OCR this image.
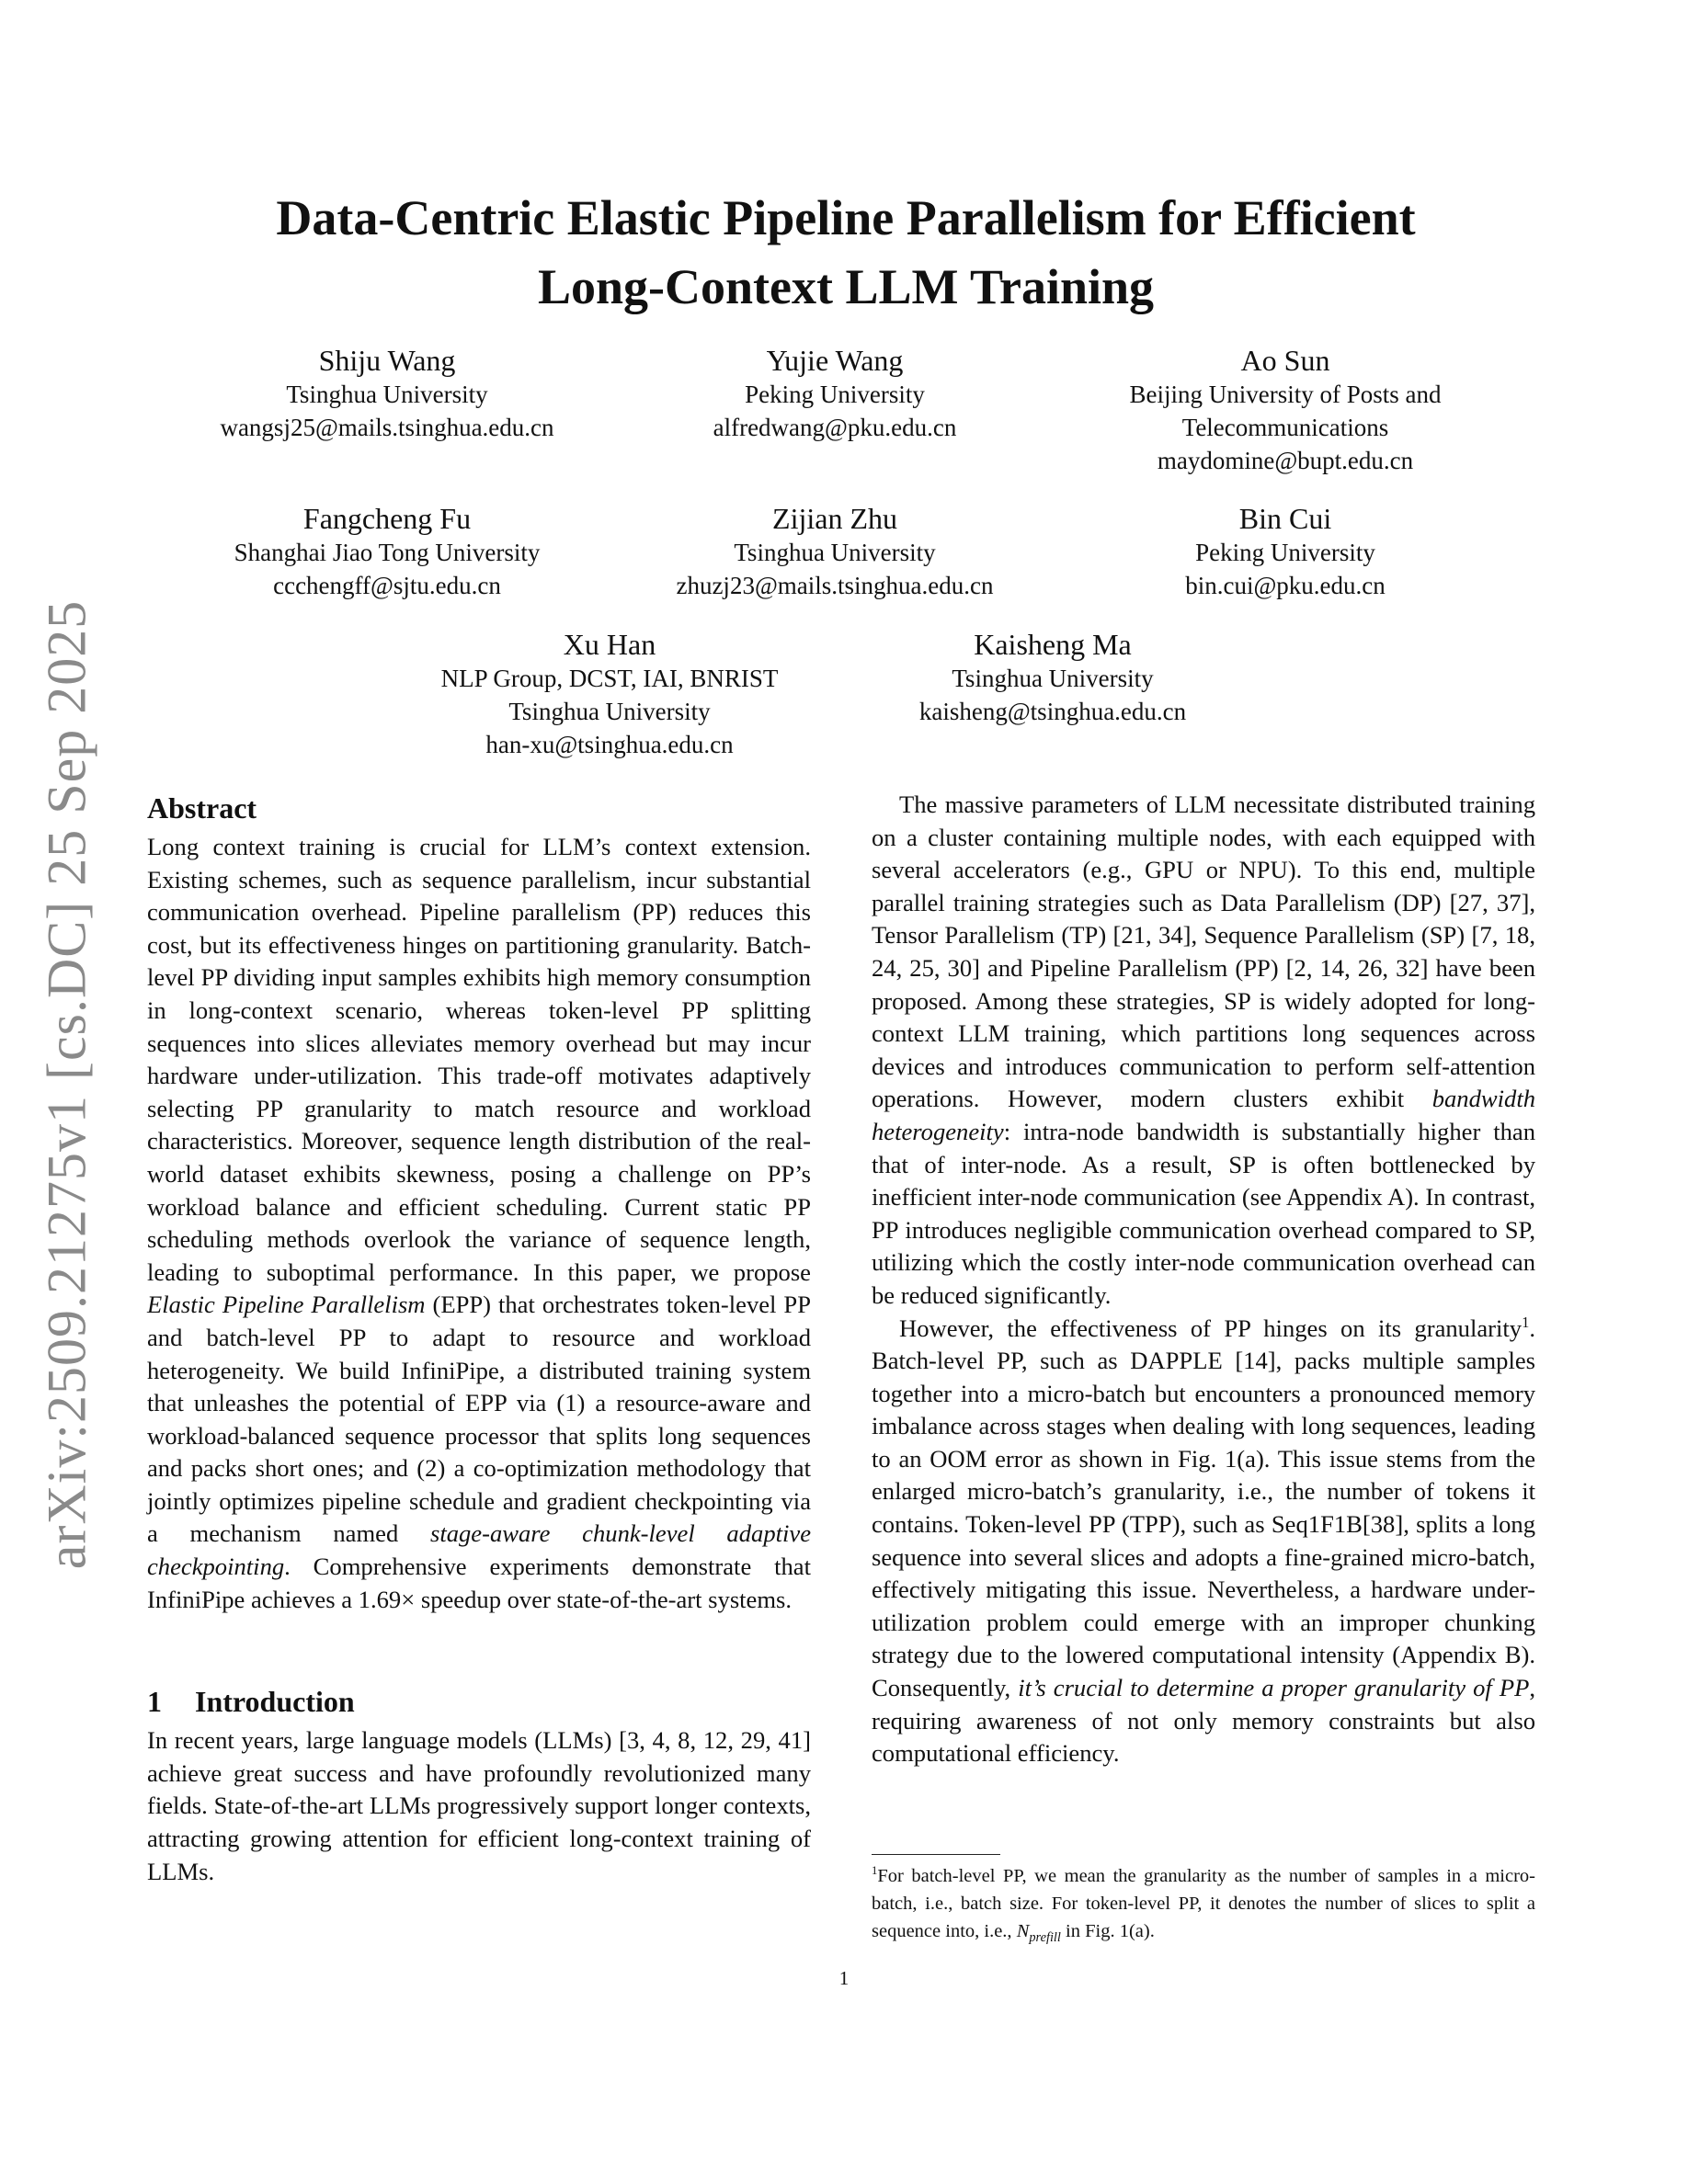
arXiv:2509.21275v1 [cs.DC] 25 Sep 2025
Data-Centric Elastic Pipeline Parallelism for Efficient
Long-Context LLM Training
Shiju Wang
Tsinghua University
wangsj25@mails.tsinghua.edu.cn
Yujie Wang
Peking University
alfredwang@pku.edu.cn
Ao Sun
Beijing University of Posts and
Telecommunications
maydomine@bupt.edu.cn
Fangcheng Fu
Shanghai Jiao Tong University
ccchengff@sjtu.edu.cn
Zijian Zhu
Tsinghua University
zhuzj23@mails.tsinghua.edu.cn
Bin Cui
Peking University
bin.cui@pku.edu.cn
Xu Han
NLP Group, DCST, IAI, BNRIST
Tsinghua University
han-xu@tsinghua.edu.cn
Kaisheng Ma
Tsinghua University
kaisheng@tsinghua.edu.cn
Abstract

Long context training is crucial for LLM’s context extension. Existing schemes, such as sequence parallelism, incur substantial communication overhead. Pipeline parallelism (PP) reduces this cost, but its effectiveness hinges on partitioning granularity. Batch-level PP dividing input samples exhibits high memory consumption in long-context scenario, whereas token-level PP splitting sequences into slices alleviates memory overhead but may incur hardware under-utilization. This trade-off motivates adaptively selecting PP granularity to match resource and workload characteristics. Moreover, sequence length distribution of the real-world dataset exhibits skewness, posing a challenge on PP’s workload balance and efficient scheduling. Current static PP scheduling methods overlook the variance of sequence length, leading to suboptimal performance. In this paper, we propose Elastic Pipeline Parallelism (EPP) that orchestrates token-level PP and batch-level PP to adapt to resource and workload heterogeneity. We build InfiniPipe, a distributed training system that unleashes the potential of EPP via (1) a resource-aware and workload-balanced sequence processor that splits long sequences and packs short ones; and (2) a co-optimization methodology that jointly optimizes pipeline schedule and gradient checkpointing via a mechanism named stage-aware chunk-level adaptive checkpointing. Comprehensive experiments demonstrate that InfiniPipe achieves a 1.69× speedup over state-of-the-art systems.

1 Introduction

In recent years, large language models (LLMs) [3, 4, 8, 12, 29, 41] achieve great success and have profoundly revolutionized many fields. State-of-the-art LLMs progressively support longer contexts, attracting growing attention for efficient long-context training of LLMs.

The massive parameters of LLM necessitate distributed training on a cluster containing multiple nodes, with each equipped with several accelerators (e.g., GPU or NPU). To this end, multiple parallel training strategies such as Data Parallelism (DP) [27, 37], Tensor Parallelism (TP) [21, 34], Sequence Parallelism (SP) [7, 18, 24, 25, 30] and Pipeline Parallelism (PP) [2, 14, 26, 32] have been proposed. Among these strategies, SP is widely adopted for long-context LLM training, which partitions long sequences across devices and introduces communication to perform self-attention operations. However, modern clusters exhibit bandwidth heterogeneity: intra-node bandwidth is substantially higher than that of inter-node. As a result, SP is often bottlenecked by inefficient inter-node communication (see Appendix A). In contrast, PP introduces negligible communication overhead compared to SP, utilizing which the costly inter-node communication overhead can be reduced significantly.

However, the effectiveness of PP hinges on its granularity$^1$. Batch-level PP, such as DAPPLE [14], packs multiple samples together into a micro-batch but encounters a pronounced memory imbalance across stages when dealing with long sequences, leading to an OOM error as shown in Fig. 1(a). This issue stems from the enlarged micro-batch’s granularity, i.e., the number of tokens it contains. Token-level PP (TPP), such as Seq1F1B[38], splits a long sequence into several slices and adopts a fine-grained micro-batch, effectively mitigating this issue. Nevertheless, a hardware under-utilization problem could emerge with an improper chunking strategy due to the lowered computational intensity (Appendix B). Consequently, it’s crucial to determine a proper granularity of PP, requiring awareness of not only memory constraints but also computational efficiency.

$^1$For batch-level PP, we mean the granularity as the number of samples in a micro-batch, i.e., batch size. For token-level PP, it denotes the number of slices to split a sequence into, i.e., $N_{prefill}$ in Fig. 1(a).
1
